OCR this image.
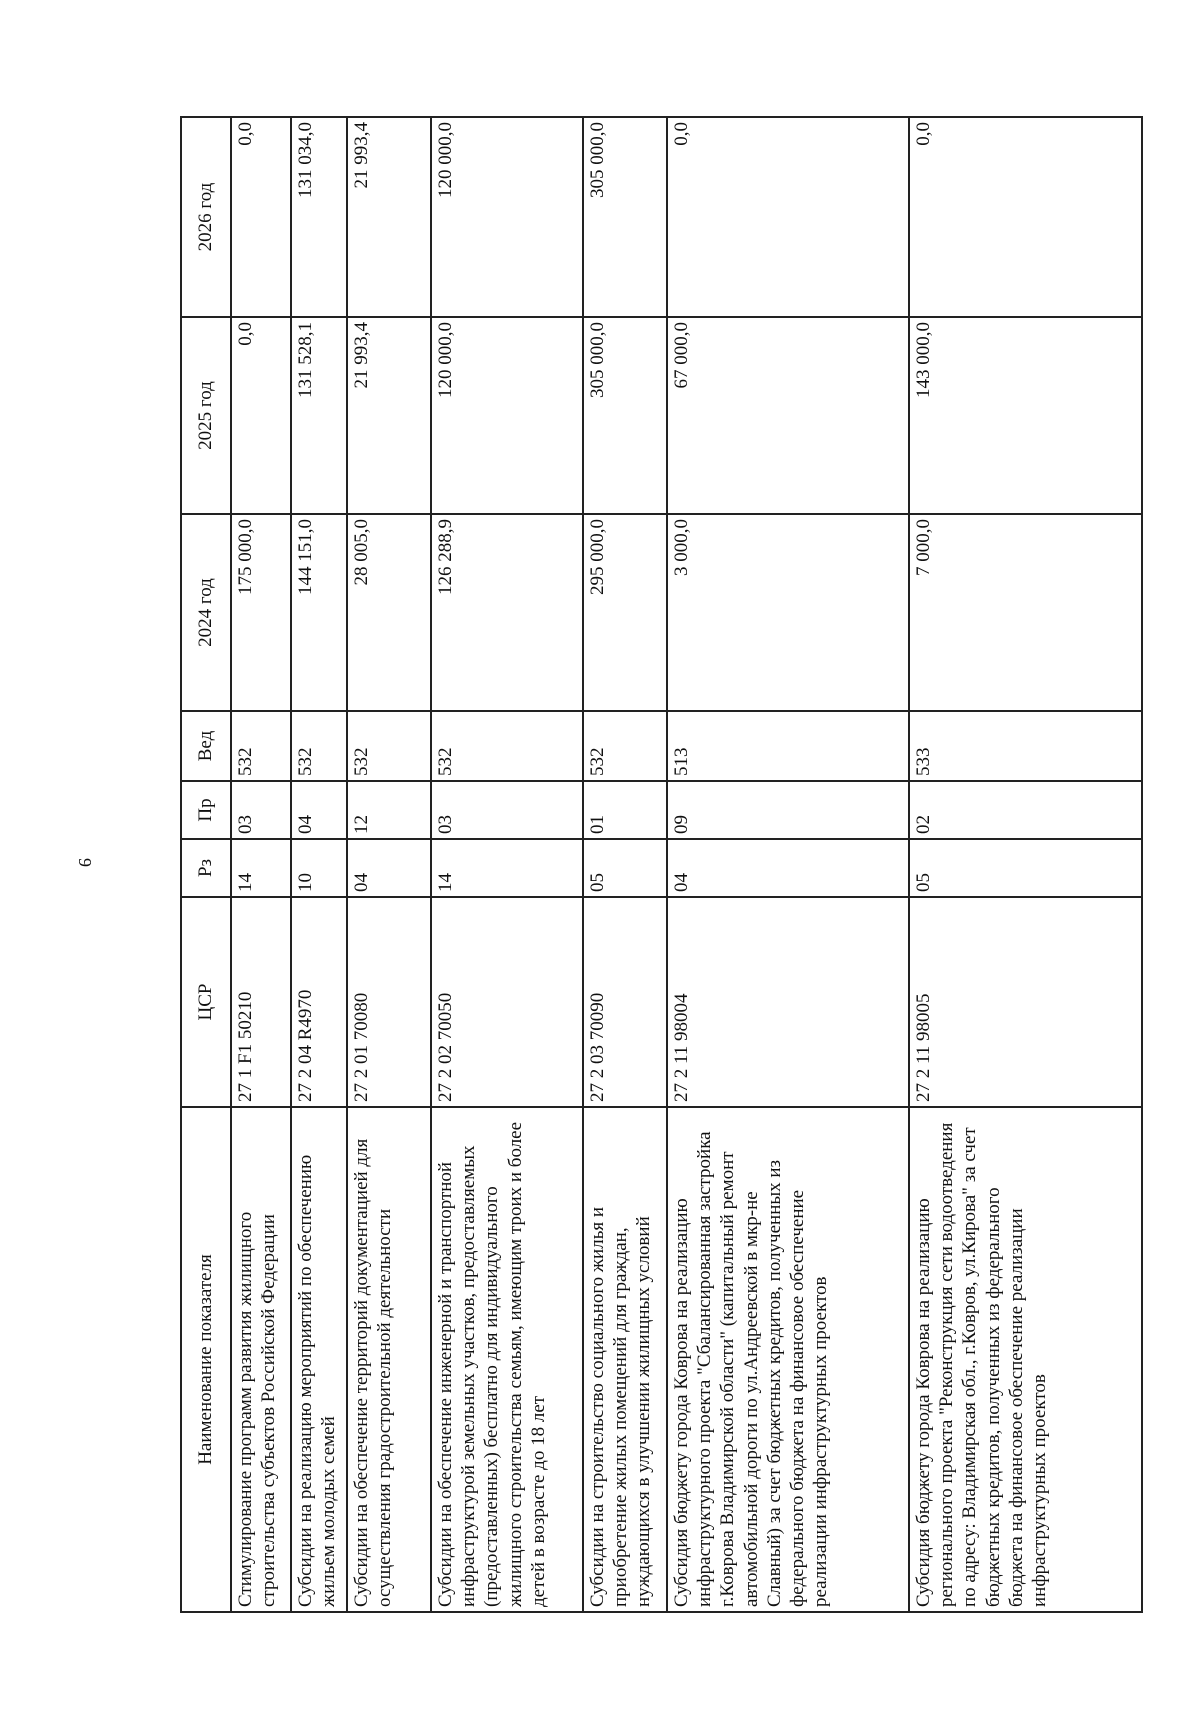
9
Наименование показателя	ЦСР	Рз	Пр	Вед	2024 год	2025 год	2026 год
Стимулирование программ развития жилищного строительства субъектов Российской Федерации	27 1 F1 50210	14	03	532	175 000,0	0,0	0,0
Субсидии на реализацию мероприятий по обеспечению жильем молодых семей	27 2 04 R4970	10	04	532	144 151,0	131 528,1	131 034,0
Субсидии на обеспечение территорий документацией для осуществления градостроительной деятельности	27 2 01 70080	04	12	532	28 005,0	21 993,4	21 993,4
Субсидии на обеспечение инженерной и транспортной инфраструктурой земельных участков, предоставляемых (предоставленных) бесплатно для индивидуального жилищного строительства семьям, имеющим троих и более детей в возрасте до 18 лет	27 2 02 70050	14	03	532	126 288,9	120 000,0	120 000,0
Субсидии на строительство социального жилья и приобретение жилых помещений для граждан, нуждающихся в улучшении жилищных условий	27 2 03 70090	05	01	532	295 000,0	305 000,0	305 000,0
Субсидия бюджету города Коврова на реализацию инфраструктурного проекта "Сбалансированная застройка г.Коврова Владимирской области" (капитальный ремонт автомобильной дороги по ул.Андреевской в мкр-не Славный) за счет бюджетных кредитов, полученных из федерального бюджета на финансовое обеспечение реализации инфраструктурных проектов	27 2 11 98004	04	09	513	3 000,0	67 000,0	0,0
Субсидия бюджету города Коврова на реализацию регионального проекта "Реконструкция сети водоотведения по адресу: Владимирская обл., г.Ковров, ул.Кирова" за счет бюджетных кредитов, полученных из федерального бюджета на финансовое обеспечение реализации инфраструктурных проектов	27 2 11 98005	05	02	533	7 000,0	143 000,0	0,0
